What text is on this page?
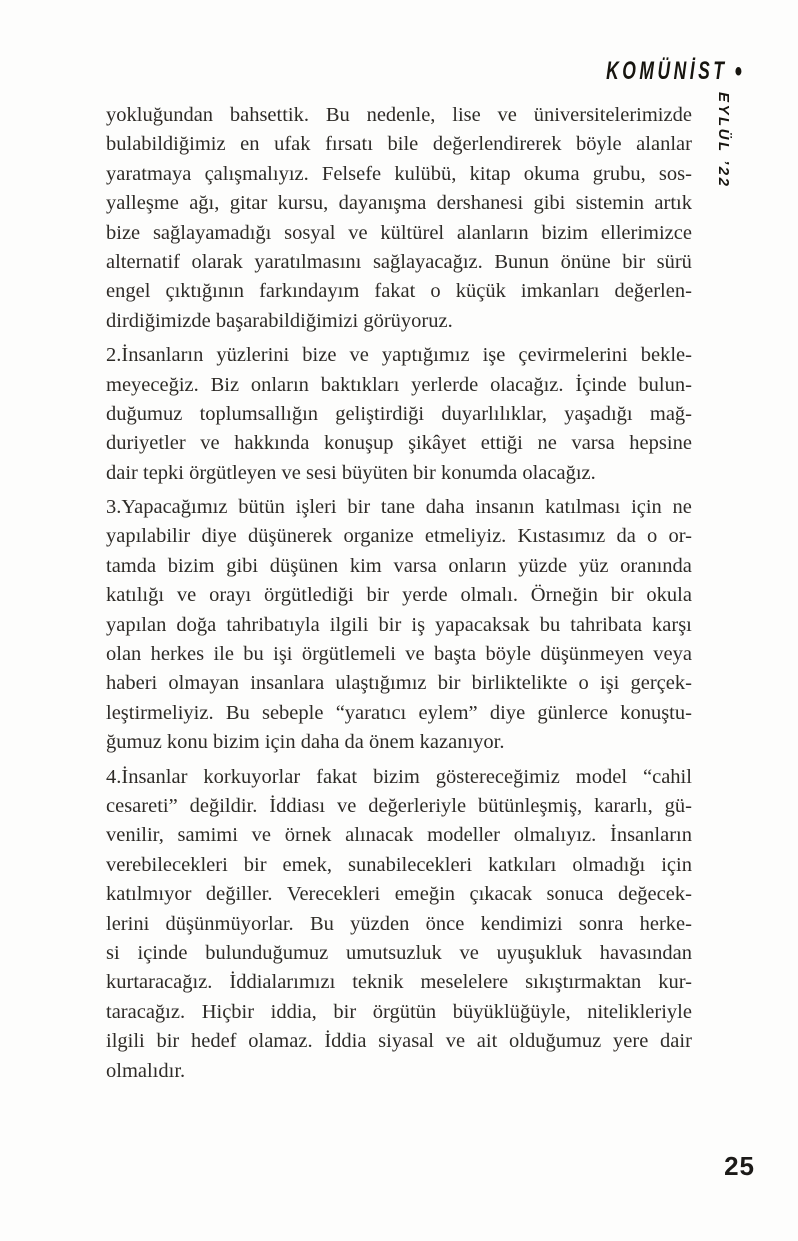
KOMÜNİST •
EYLÜL ’22

yokluğundan bahsettik. Bu nedenle, lise ve üniversitelerimizde
bulabildiğimiz en ufak fırsatı bile değerlendirerek böyle alanlar
yaratmaya çalışmalıyız. Felsefe kulübü, kitap okuma grubu, sos-
yalleşme ağı, gitar kursu, dayanışma dershanesi gibi sistemin artık
bize sağlayamadığı sosyal ve kültürel alanların bizim ellerimizce
alternatif olarak yaratılmasını sağlayacağız. Bunun önüne bir sürü
engel çıktığının farkındayım fakat o küçük imkanları değerlen-
dirdiğimizde başarabildiğimizi görüyoruz.

2.İnsanların yüzlerini bize ve yaptığımız işe çevirmelerini bekle-
meyeceğiz. Biz onların baktıkları yerlerde olacağız. İçinde bulun-
duğumuz toplumsallığın geliştirdiği duyarlılıklar, yaşadığı mağ-
duriyetler ve hakkında konuşup şikâyet ettiği ne varsa hepsine
dair tepki örgütleyen ve sesi büyüten bir konumda olacağız.

3.Yapacağımız bütün işleri bir tane daha insanın katılması için ne
yapılabilir diye düşünerek organize etmeliyiz. Kıstasımız da o or-
tamda bizim gibi düşünen kim varsa onların yüzde yüz oranında
katılığı ve orayı örgütlediği bir yerde olmalı. Örneğin bir okula
yapılan doğa tahribatıyla ilgili bir iş yapacaksak bu tahribata karşı
olan herkes ile bu işi örgütlemeli ve başta böyle düşünmeyen veya
haberi olmayan insanlara ulaştığımız bir birliktelikte o işi gerçek-
leştirmeliyiz. Bu sebeple “yaratıcı eylem” diye günlerce konuştu-
ğumuz konu bizim için daha da önem kazanıyor.

4.İnsanlar korkuyorlar fakat bizim göstereceğimiz model “cahil
cesareti” değildir. İddiası ve değerleriyle bütünleşmiş, kararlı, gü-
venilir, samimi ve örnek alınacak modeller olmalıyız. İnsanların
verebilecekleri bir emek, sunabilecekleri katkıları olmadığı için
katılmıyor değiller. Verecekleri emeğin çıkacak sonuca değecek-
lerini düşünmüyorlar. Bu yüzden önce kendimizi sonra herke-
si içinde bulunduğumuz umutsuzluk ve uyuşukluk havasından
kurtaracağız. İddialarımızı teknik meselelere sıkıştırmaktan kur-
taracağız. Hiçbir iddia, bir örgütün büyüklüğüyle, nitelikleriyle
ilgili bir hedef olamaz. İddia siyasal ve ait olduğumuz yere dair
olmalıdır.

25
